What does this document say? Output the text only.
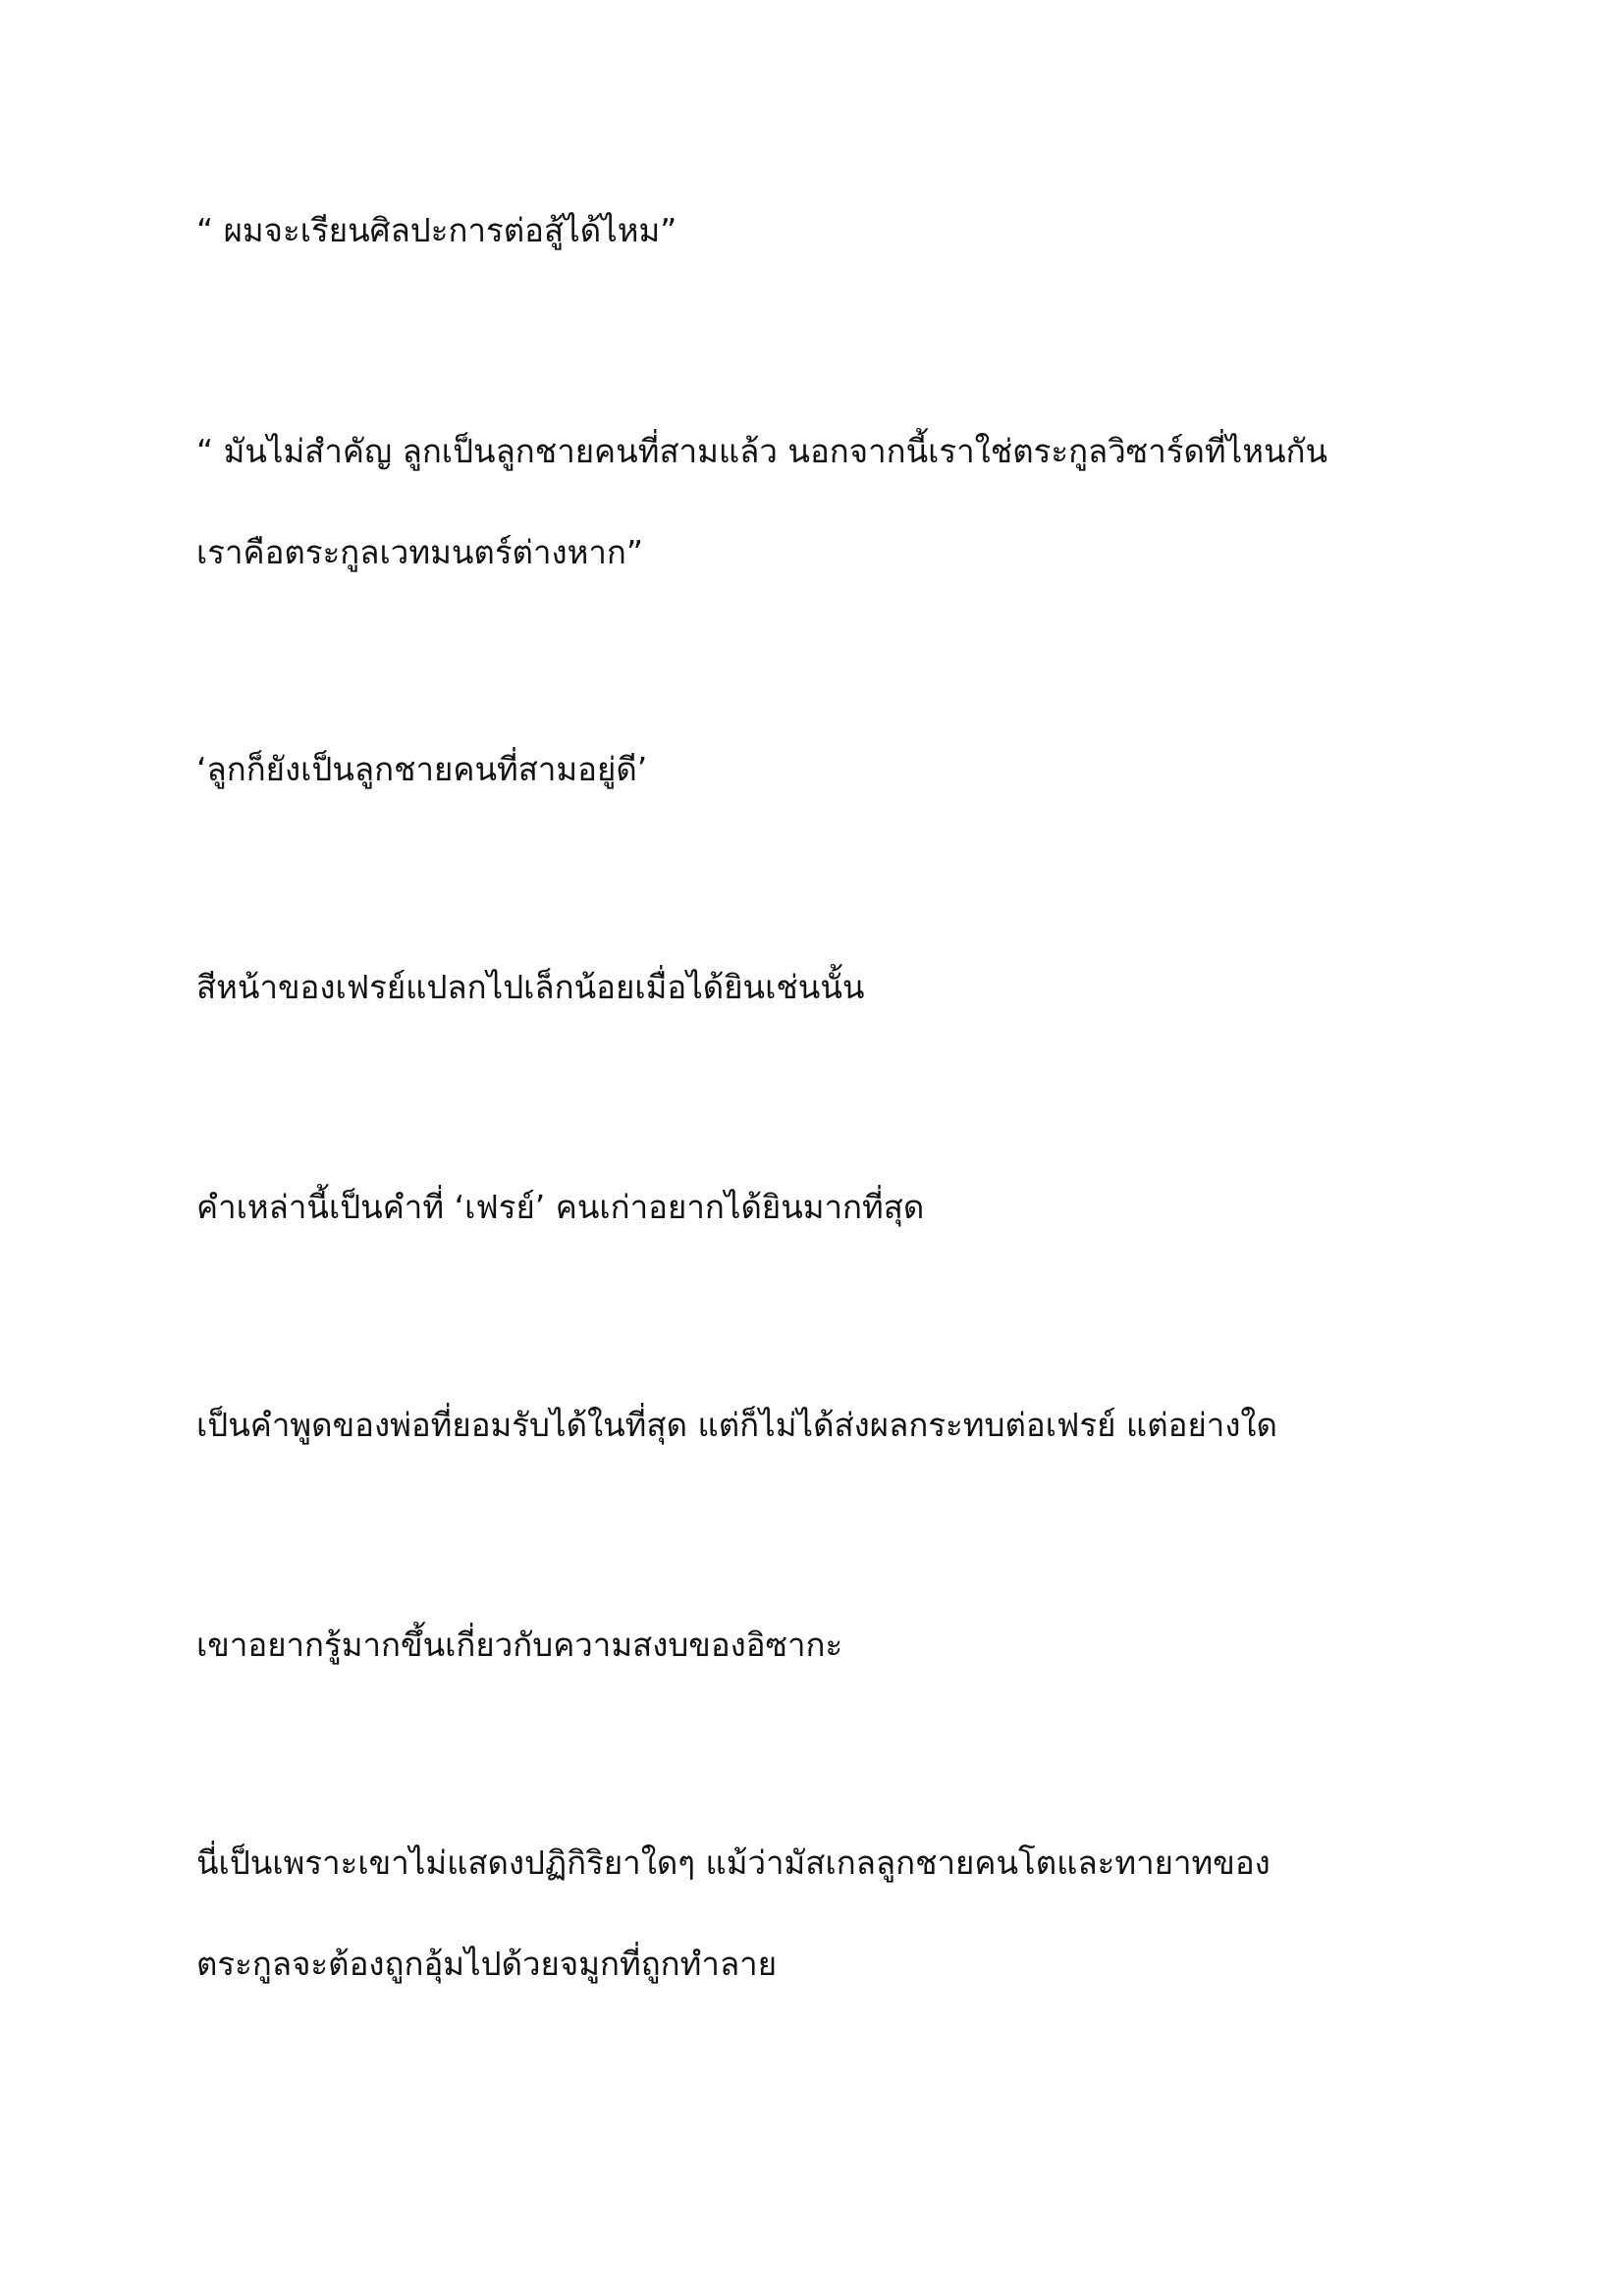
“ ผมจะเรียนศิลปะการต่อสู้ได้ไหม”
“ มันไม่สำคัญ ลูกเป็นลูกชายคนที่สามแล้ว นอกจากนี้เราใช่ตระกูลวิซาร์ดที่ไหนกัน
เราคือตระกูลเวทมนตร์ต่างหาก”
‘ลูกก็ยังเป็นลูกชายคนที่สามอยู่ดี’
สีหน้าของเฟรย์แปลกไปเล็กน้อยเมื่อได้ยินเช่นนั้น
คำเหล่านี้เป็นคำที่ ‘เฟรย์’ คนเก่าอยากได้ยินมากที่สุด
เป็นคำพูดของพ่อที่ยอมรับได้ในที่สุด แต่ก็ไม่ได้ส่งผลกระทบต่อเฟรย์ แต่อย่างใด
เขาอยากรู้มากขึ้นเกี่ยวกับความสงบของอิซากะ
นี่เป็นเพราะเขาไม่แสดงปฏิกิริยาใดๆ แม้ว่ามัสเกลลูกชายคนโตและทายาทของ
ตระกูลจะต้องถูกอุ้มไปด้วยจมูกที่ถูกทำลาย
